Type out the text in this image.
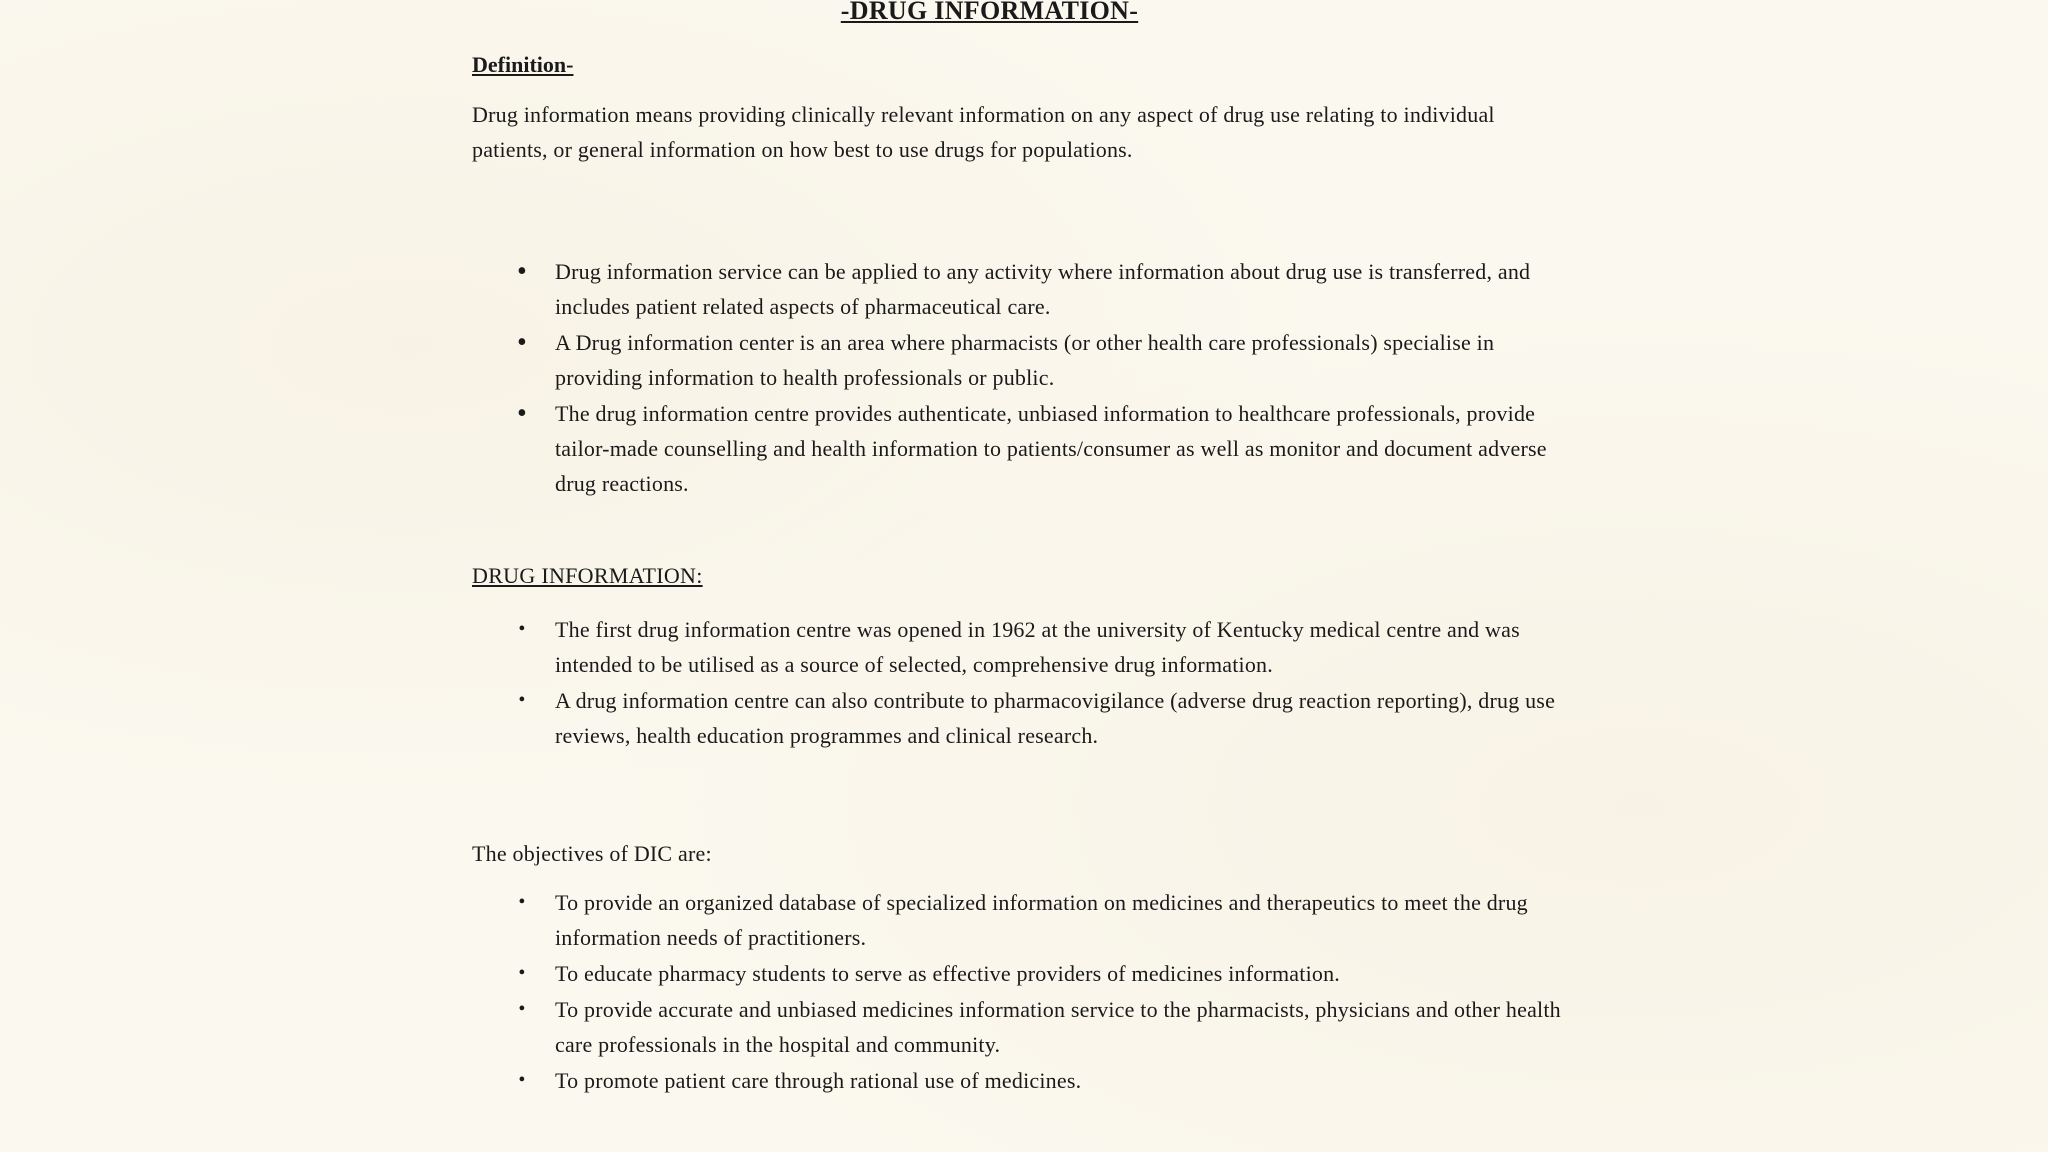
-DRUG INFORMATION-
Definition-

Drug information means providing clinically relevant information on any aspect of drug use relating to individual patients, or general information on how best to use drugs for populations.

• Drug information service can be applied to any activity where information about drug use is transferred, and includes patient related aspects of pharmaceutical care.
• A Drug information center is an area where pharmacists (or other health care professionals) specialise in providing information to health professionals or public.
• The drug information centre provides authenticate, unbiased information to healthcare professionals, provide tailor-made counselling and health information to patients/consumer as well as monitor and document adverse drug reactions.
DRUG INFORMATION:
• The first drug information centre was opened in 1962 at the university of Kentucky medical centre and was intended to be utilised as a source of selected, comprehensive drug information.
• A drug information centre can also contribute to pharmacovigilance (adverse drug reaction reporting), drug use reviews, health education programmes and clinical research.

The objectives of DIC are:

• To provide an organized database of specialized information on medicines and therapeutics to meet the drug information needs of practitioners.
• To educate pharmacy students to serve as effective providers of medicines information.
• To provide accurate and unbiased medicines information service to the pharmacists, physicians and other health care professionals in the hospital and community.
• To promote patient care through rational use of medicines.
